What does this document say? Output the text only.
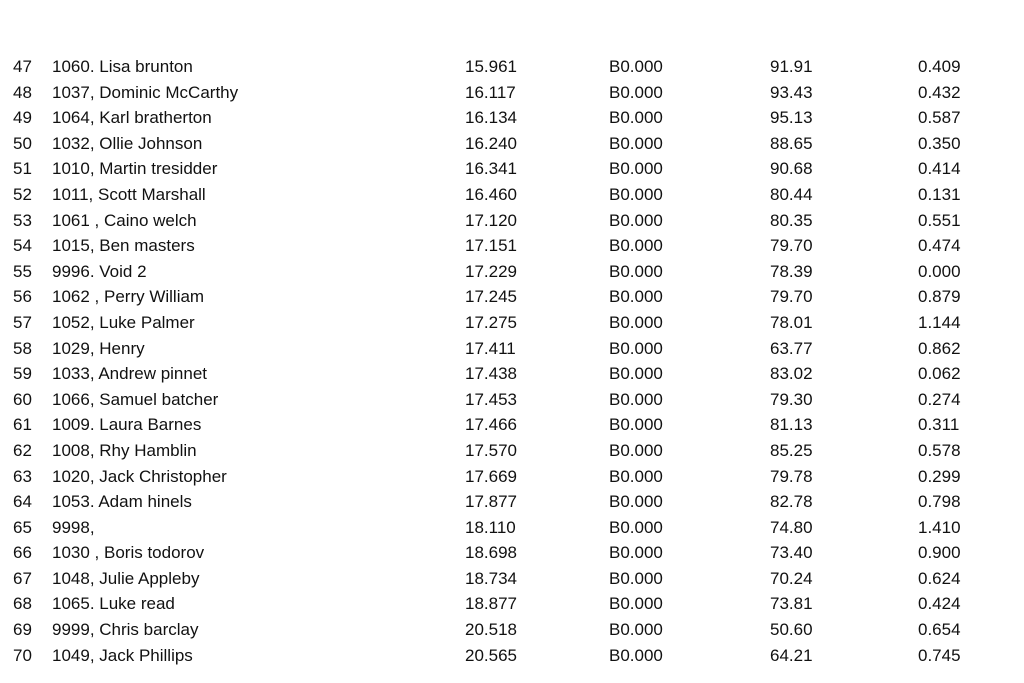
47 1060. Lisa brunton	15.961	B0.000	91.91	0.409
48 1037, Dominic McCarthy	16.117	B0.000	93.43	0.432
49 1064, Karl bratherton	16.134	B0.000	95.13	0.587
50 1032, Ollie Johnson	16.240	B0.000	88.65	0.350
51 1010, Martin tresidder	16.341	B0.000	90.68	0.414
52 1011, Scott Marshall	16.460	B0.000	80.44	0.131
53 1061 , Caino welch	17.120	B0.000	80.35	0.551
54 1015, Ben masters	17.151	B0.000	79.70	0.474
55 9996. Void 2	17.229	B0.000	78.39	0.000
56 1062 , Perry William	17.245	B0.000	79.70	0.879
57 1052, Luke Palmer	17.275	B0.000	78.01	1.144
58 1029, Henry	17.411	B0.000	63.77	0.862
59 1033, Andrew pinnet	17.438	B0.000	83.02	0.062
60 1066, Samuel batcher	17.453	B0.000	79.30	0.274
61 1009. Laura Barnes	17.466	B0.000	81.13	0.311
62 1008, Rhy Hamblin	17.570	B0.000	85.25	0.578
63 1020, Jack Christopher	17.669	B0.000	79.78	0.299
64 1053. Adam hinels	17.877	B0.000	82.78	0.798
65 9998,	18.110	B0.000	74.80	1.410
66 1030 , Boris todorov	18.698	B0.000	73.40	0.900
67 1048, Julie Appleby	18.734	B0.000	70.24	0.624
68 1065. Luke read	18.877	B0.000	73.81	0.424
69 9999, Chris barclay	20.518	B0.000	50.60	0.654
70 1049, Jack Phillips	20.565	B0.000	64.21	0.745
